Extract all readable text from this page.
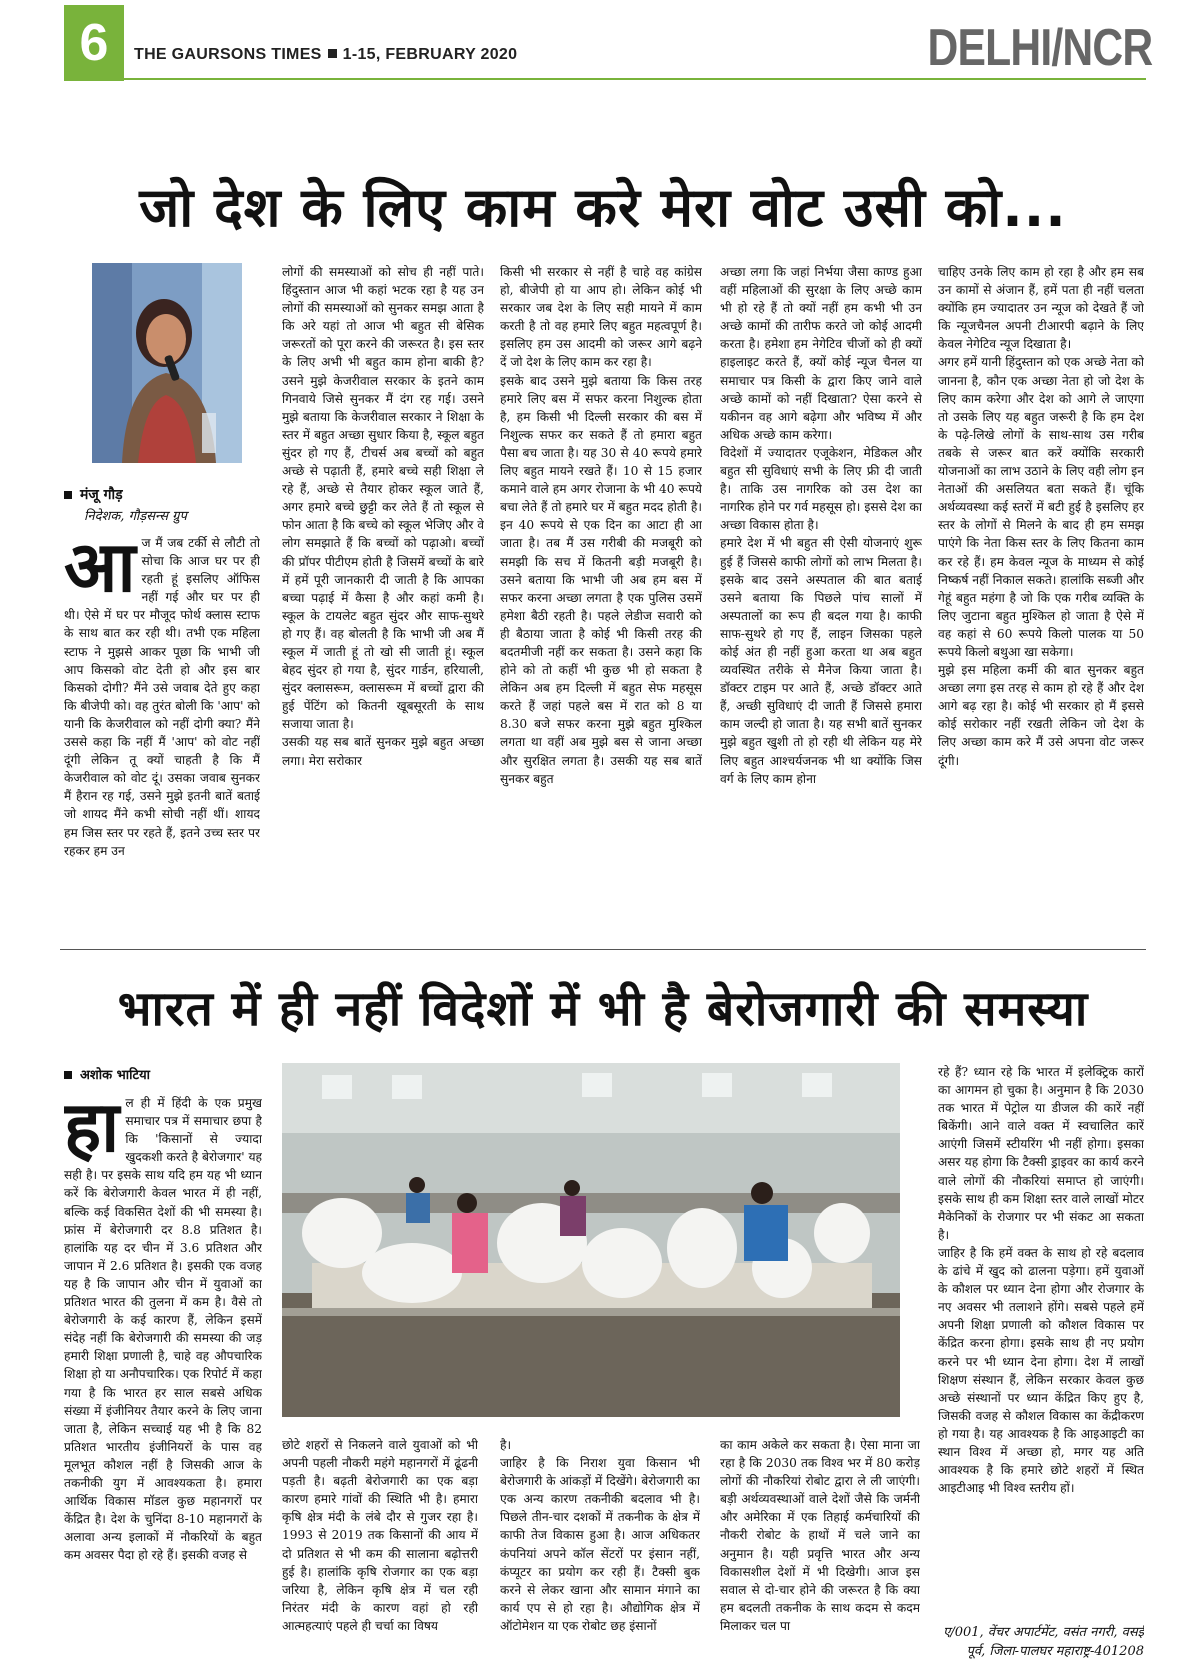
6	THE GAURSONS TIMES 1-15, FEBRUARY 2020	DELHI/NCR
जो देश के लिए काम करे मेरा वोट उसी को...
मंजू गौड़
निदेशक, गौड़सन्स ग्रुप
आ ज मैं जब टर्की से लौटी तो सोचा कि आज घर पर ही रहती हूं इसलिए ऑफिस नहीं गई और घर पर ही थी। ऐसे में घर पर मौजूद फोर्थ क्लास स्टाफ के साथ बात कर रही थी। तभी एक महिला स्टाफ ने मुझसे आकर पूछा कि भाभी जी आप किसको वोट देती हो और इस बार किसको दोगी? मैंने उसे जवाब देते हुए कहा कि बीजेपी को। वह तुरंत बोली कि 'आप' को यानी कि केजरीवाल को नहीं दोगी क्या? मैंने उससे कहा कि नहीं मैं 'आप' को वोट नहीं दूंगी लेकिन तू क्यों चाहती है कि मैं केजरीवाल को वोट दूं। उसका जवाब सुनकर मैं हैरान रह गई, उसने मुझे इतनी बातें बताई जो शायद मैंने कभी सोची नहीं थीं। शायद हम जिस स्तर पर रहते हैं, इतने उच्च स्तर पर रहकर हम उन

लोगों की समस्याओं को सोच ही नहीं पाते। हिंदुस्तान आज भी कहां भटक रहा है यह उन लोगों की समस्याओं को सुनकर समझ आता है कि अरे यहां तो आज भी बहुत सी बेसिक जरूरतों को पूरा करने की जरूरत है। इस स्तर के लिए अभी भी बहुत काम होना बाकी है? उसने मुझे केजरीवाल सरकार के इतने काम गिनवाये जिसे सुनकर मैं दंग रह गई। उसने मुझे बताया कि केजरीवाल सरकार ने शिक्षा के स्तर में बहुत अच्छा सुधार किया है, स्कूल बहुत सुंदर हो गए हैं, टीचर्स अब बच्चों को बहुत अच्छे से पढ़ाती हैं, हमारे बच्चे सही शिक्षा ले रहे हैं, अच्छे से तैयार होकर स्कूल जाते हैं, अगर हमारे बच्चे छुट्टी कर लेते हैं तो स्कूल से फोन आता है कि बच्चे को स्कूल भेजिए और वे लोग समझाते हैं कि बच्चों को पढ़ाओ। बच्चों की प्रॉपर पीटीएम होती है जिसमें बच्चों के बारे में हमें पूरी जानकारी दी जाती है कि आपका बच्चा पढ़ाई में कैसा है और कहां कमी है। स्कूल के टायलेट बहुत सुंदर और साफ-सुथरे हो गए हैं। वह बोलती है कि भाभी जी अब मैं स्कूल में जाती हूं तो खो सी जाती हूं। स्कूल बेहद सुंदर हो गया है, सुंदर गार्डन, हरियाली, सुंदर क्लासरूम, क्लासरूम में बच्चों द्वारा की हुई पेंटिंग को कितनी खूबसूरती के साथ सजाया जाता है।
उसकी यह सब बातें सुनकर मुझे बहुत अच्छा लगा। मेरा सरोकार
किसी भी सरकार से नहीं है चाहे वह कांग्रेस हो, बीजेपी हो या आप हो। लेकिन कोई भी सरकार जब देश के लिए सही मायने में काम करती है तो वह हमारे लिए बहुत महत्वपूर्ण है। इसलिए हम उस आदमी को जरूर आगे बढ़ने दें जो देश के लिए काम कर रहा है।
इसके बाद उसने मुझे बताया कि किस तरह हमारे लिए बस में सफर करना निशुल्क होता है, हम किसी भी दिल्ली सरकार की बस में निशुल्क सफर कर सकते हैं तो हमारा बहुत पैसा बच जाता है। यह 30 से 40 रूपये हमारे लिए बहुत मायने रखते हैं। 10 से 15 हजार कमाने वाले हम अगर रोजाना के भी 40 रूपये बचा लेते हैं तो हमारे घर में बहुत मदद होती है। इन 40 रूपये से एक दिन का आटा ही आ जाता है। तब मैं उस गरीबी की मजबूरी को समझी कि सच में कितनी बड़ी मजबूरी है। उसने बताया कि भाभी जी अब हम बस में सफर करना अच्छा लगता है एक पुलिस उसमें हमेशा बैठी रहती है। पहले लेडीज सवारी को ही बैठाया जाता है कोई भी किसी तरह की बदतमीजी नहीं कर सकता है। उसने कहा कि होने को तो कहीं भी कुछ भी हो सकता है लेकिन अब हम दिल्ली में बहुत सेफ महसूस करते हैं जहां पहले बस में रात को 8 या 8.30 बजे सफर करना मुझे बहुत मुश्किल लगता था वहीं अब मुझे बस से जाना अच्छा और सुरक्षित लगता है। उसकी यह सब बातें सुनकर बहुत
अच्छा लगा कि जहां निर्भया जैसा काण्ड हुआ वहीं महिलाओं की सुरक्षा के लिए अच्छे काम भी हो रहे हैं तो क्यों नहीं हम कभी भी उन अच्छे कामों की तारीफ करते जो कोई आदमी करता है। हमेशा हम नेगेटिव चीजों को ही क्यों हाइलाइट करते हैं, क्यों कोई न्यूज चैनल या समाचार पत्र किसी के द्वारा किए जाने वाले अच्छे कामों को नहीं दिखाता? ऐसा करने से यकीनन वह आगे बढ़ेगा और भविष्य में और अधिक अच्छे काम करेगा।
विदेशों में ज्यादातर एजूकेशन, मेडिकल और बहुत सी सुविधाएं सभी के लिए फ्री दी जाती है। ताकि उस नागरिक को उस देश का नागरिक होने पर गर्व महसूस हो। इससे देश का अच्छा विकास होता है।
हमारे देश में भी बहुत सी ऐसी योजनाएं शुरू हुई हैं जिससे काफी लोगों को लाभ मिलता है। इसके बाद उसने अस्पताल की बात बताई उसने बताया कि पिछले पांच सालों में अस्पतालों का रूप ही बदल गया है। काफी साफ-सुथरे हो गए हैं, लाइन जिसका पहले कोई अंत ही नहीं हुआ करता था अब बहुत व्यवस्थित तरीके से मैनेज किया जाता है। डॉक्टर टाइम पर आते हैं, अच्छे डॉक्टर आते हैं, अच्छी सुविधाएं दी जाती हैं जिससे हमारा काम जल्दी हो जाता है। यह सभी बातें सुनकर मुझे बहुत खुशी तो हो रही थी लेकिन यह मेरे लिए बहुत आश्चर्यजनक भी था क्योंकि जिस वर्ग के लिए काम होना
चाहिए उनके लिए काम हो रहा है और हम सब उन कामों से अंजान हैं, हमें पता ही नहीं चलता क्योंकि हम ज्यादातर उन न्यूज को देखते हैं जो कि न्यूजचैनल अपनी टीआरपी बढ़ाने के लिए केवल नेगेटिव न्यूज दिखाता है।
अगर हमें यानी हिंदुस्तान को एक अच्छे नेता को जानना है, कौन एक अच्छा नेता हो जो देश के लिए काम करेगा और देश को आगे ले जाएगा तो उसके लिए यह बहुत जरूरी है कि हम देश के पढ़े-लिखे लोगों के साथ-साथ उस गरीब तबके से जरूर बात करें क्योंकि सरकारी योजनाओं का लाभ उठाने के लिए वही लोग इन नेताओं की असलियत बता सकते हैं। चूंकि अर्थव्यवस्था कई स्तरों में बटी हुई है इसलिए हर स्तर के लोगों से मिलने के बाद ही हम समझ पाएंगे कि नेता किस स्तर के लिए कितना काम कर रहे हैं। हम केवल न्यूज के माध्यम से कोई निष्कर्ष नहीं निकाल सकते। हालांकि सब्जी और गेहूं बहुत महंगा है जो कि एक गरीब व्यक्ति के लिए जुटाना बहुत मुश्किल हो जाता है ऐसे में वह कहां से 60 रूपये किलो पालक या 50 रूपये किलो बथुआ खा सकेगा।
मुझे इस महिला कर्मी की बात सुनकर बहुत अच्छा लगा इस तरह से काम हो रहे हैं और देश आगे बढ़ रहा है। कोई भी सरकार हो मैं इससे कोई सरोकार नहीं रखती लेकिन जो देश के लिए अच्छा काम करे मैं उसे अपना वोट जरूर दूंगी।
भारत में ही नहीं विदेशों में भी है बेरोजगारी की समस्या
अशोक भाटिया
हा ल ही में हिंदी के एक प्रमुख समाचार पत्र में समाचार छपा है कि 'किसानों से ज्यादा खुदकशी करते है बेरोजगार' यह सही है। पर इसके साथ यदि हम यह भी ध्यान करें कि बेरोजगारी केवल भारत में ही नहीं, बल्कि कई विकसित देशों की भी समस्या है। फ्रांस में बेरोजगारी दर 8.8 प्रतिशत है। हालांकि यह दर चीन में 3.6 प्रतिशत और जापान में 2.6 प्रतिशत है। इसकी एक वजह यह है कि जापान और चीन में युवाओं का प्रतिशत भारत की तुलना में कम है। वैसे तो बेरोजगारी के कई कारण हैं, लेकिन इसमें संदेह नहीं कि बेरोजगारी की समस्या की जड़ हमारी शिक्षा प्रणाली है, चाहे वह औपचारिक शिक्षा हो या अनौपचारिक। एक रिपोर्ट में कहा गया है कि भारत हर साल सबसे अधिक संख्या में इंजीनियर तैयार करने के लिए जाना जाता है, लेकिन सच्चाई यह भी है कि 82 प्रतिशत भारतीय इंजीनियरों के पास वह मूलभूत कौशल नहीं है जिसकी आज के तकनीकी युग में आवश्यकता है। हमारा आर्थिक विकास मॉडल कुछ महानगरों पर केंद्रित है। देश के चुनिंदा 8-10 महानगरों के अलावा अन्य इलाकों में नौकरियों के बहुत कम अवसर पैदा हो रहे हैं। इसकी वजह से

छोटे शहरों से निकलने वाले युवाओं को भी अपनी पहली नौकरी महंगे महानगरों में ढूंढनी पड़ती है। बढ़ती बेरोजगारी का एक बड़ा कारण हमारे गांवों की स्थिति भी है। हमारा कृषि क्षेत्र मंदी के लंबे दौर से गुजर रहा है। 1993 से 2019 तक किसानों की आय में दो प्रतिशत से भी कम की सालाना बढ़ोत्तरी हुई है। हालांकि कृषि रोजगार का एक बड़ा जरिया है, लेकिन कृषि क्षेत्र में चल रही निरंतर मंदी के कारण वहां हो रही आत्महत्याएं पहले ही चर्चा का विषय
है।
जाहिर है कि निराश युवा किसान भी बेरोजगारी के आंकड़ों में दिखेंगे। बेरोजगारी का एक अन्य कारण तकनीकी बदलाव भी है। पिछले तीन-चार दशकों में तकनीक के क्षेत्र में काफी तेज विकास हुआ है। आज अधिकतर कंपनियां अपने कॉल सेंटरों पर इंसान नहीं, कंप्यूटर का प्रयोग कर रही हैं। टैक्सी बुक करने से लेकर खाना और सामान मंगाने का कार्य एप से हो रहा है। औद्योगिक क्षेत्र में ऑटोमेशन या एक रोबोट छह इंसानों
का काम अकेले कर सकता है। ऐसा माना जा रहा है कि 2030 तक विश्व भर में 80 करोड़ लोगों की नौकरियां रोबोट द्वारा ले ली जाएंगी। बड़ी अर्थव्यवस्थाओं वाले देशों जैसे कि जर्मनी और अमेरिका में एक तिहाई कर्मचारियों की नौकरी रोबोट के हाथों में चले जाने का अनुमान है। यही प्रवृत्ति भारत और अन्य विकासशील देशों में भी दिखेगी। आज इस सवाल से दो-चार होने की जरूरत है कि क्या हम बदलती तकनीक के साथ कदम से कदम मिलाकर चल पा
रहे हैं? ध्यान रहे कि भारत में इलेक्ट्रिक कारों का आगमन हो चुका है। अनुमान है कि 2030 तक भारत में पेट्रोल या डीजल की कारें नहीं बिकेंगी। आने वाले वक्त में स्वचालित कारें आएंगी जिसमें स्टीयरिंग भी नहीं होगा। इसका असर यह होगा कि टैक्सी ड्राइवर का कार्य करने वाले लोगों की नौकरियां समाप्त हो जाएंगी। इसके साथ ही कम शिक्षा स्तर वाले लाखों मोटर मैकेनिकों के रोजगार पर भी संकट आ सकता है।
जाहिर है कि हमें वक्त के साथ हो रहे बदलाव के ढांचे में खुद को ढालना पड़ेगा। हमें युवाओं के कौशल पर ध्यान देना होगा और रोजगार के नए अवसर भी तलाशने होंगे। सबसे पहले हमें अपनी शिक्षा प्रणाली को कौशल विकास पर केंद्रित करना होगा। इसके साथ ही नए प्रयोग करने पर भी ध्यान देना होगा। देश में लाखों शिक्षण संस्थान हैं, लेकिन सरकार केवल कुछ अच्छे संस्थानों पर ध्यान केंद्रित किए हुए है, जिसकी वजह से कौशल विकास का केंद्रीकरण हो गया है। यह आवश्यक है कि आइआइटी का स्थान विश्व में अच्छा हो, मगर यह अति आवश्यक है कि हमारे छोटे शहरों में स्थित आइटीआइ भी विश्व स्तरीय हों।
ए/001, वेंचर अपार्टमेंट, वसंत नगरी, वसई पूर्व, जिला-पालघर महाराष्ट्र-401208
